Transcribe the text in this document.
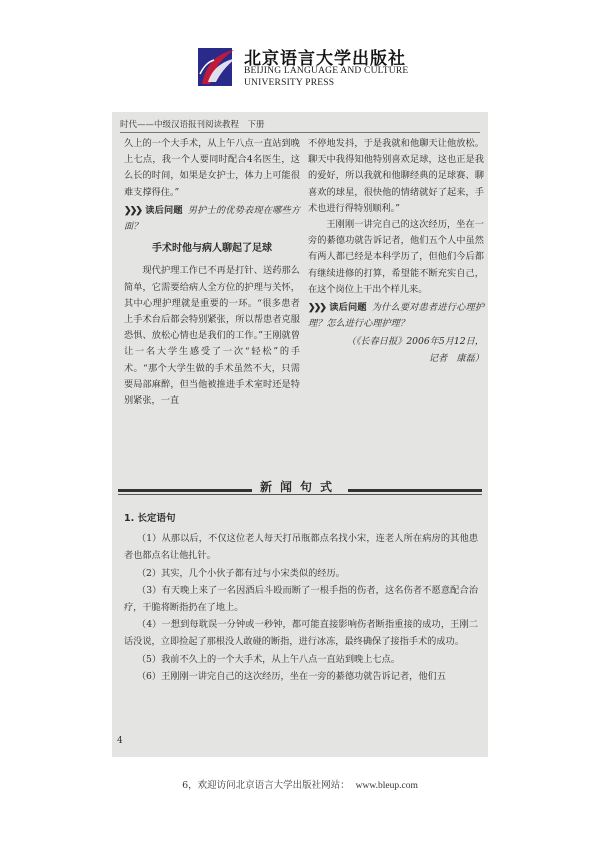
北京语言大学出版社
BEIJING LANGUAGE AND CULTURE
UNIVERSITY PRESS
时代——中级汉语报刊阅读教程　下册

久上的一个大手术，从上午八点一直站到晚上七点，我一个人要同时配合4名医生，这么长的时间，如果是女护士，体力上可能很难支撑得住。”

❯❯❯ 读后问题 男护士的优势表现在哪些方面？

手术时他与病人聊起了足球

现代护理工作已不再是打针、送药那么简单，它需要给病人全方位的护理与关怀，其中心理护理就是重要的一环。“很多患者上手术台后都会特别紧张，所以帮患者克服恐惧、放松心情也是我们的工作。”王刚就曾让一名大学生感受了一次“轻松”的手术。“那个大学生做的手术虽然不大，只需要局部麻醉，但当他被推进手术室时还是特别紧张，一直

不停地发抖，于是我就和他聊天让他放松。聊天中我得知他特别喜欢足球，这也正是我的爱好，所以我就和他聊经典的足球赛、聊喜欢的球星，很快他的情绪就好了起来，手术也进行得特别顺利。”

王刚刚一讲完自己的这次经历，坐在一旁的綦德功就告诉记者，他们五个人中虽然有两人都已经是本科学历了，但他们今后都有继续进修的打算，希望能不断充实自己，在这个岗位上干出个样儿来。

❯❯❯ 读后问题 为什么要对患者进行心理护理？怎么进行心理护理？

（《长春日报》2006年5月12日，

记者　康磊）

新闻句式

1. 长定语句

（1）从那以后，不仅这位老人每天打吊瓶都点名找小宋，连老人所在病房的其他患者也都点名让他扎针。

（2）其实，几个小伙子都有过与小宋类似的经历。

（3）有天晚上来了一名因酒后斗殴而断了一根手指的伤者，这名伤者不愿意配合治疗，干脆将断指扔在了地上。

（4）一想到每耽误一分钟或一秒钟，都可能直接影响伤者断指重接的成功，王刚二话没说，立即捡起了那根没人敢碰的断指，进行冰冻，最终确保了接指手术的成功。

（5）我前不久上的一个大手术，从上午八点一直站到晚上七点。

（6）王刚刚一讲完自己的这次经历，坐在一旁的綦德功就告诉记者，他们五

4
6，欢迎访问北京语言大学出版社网站： www.bleup.com
